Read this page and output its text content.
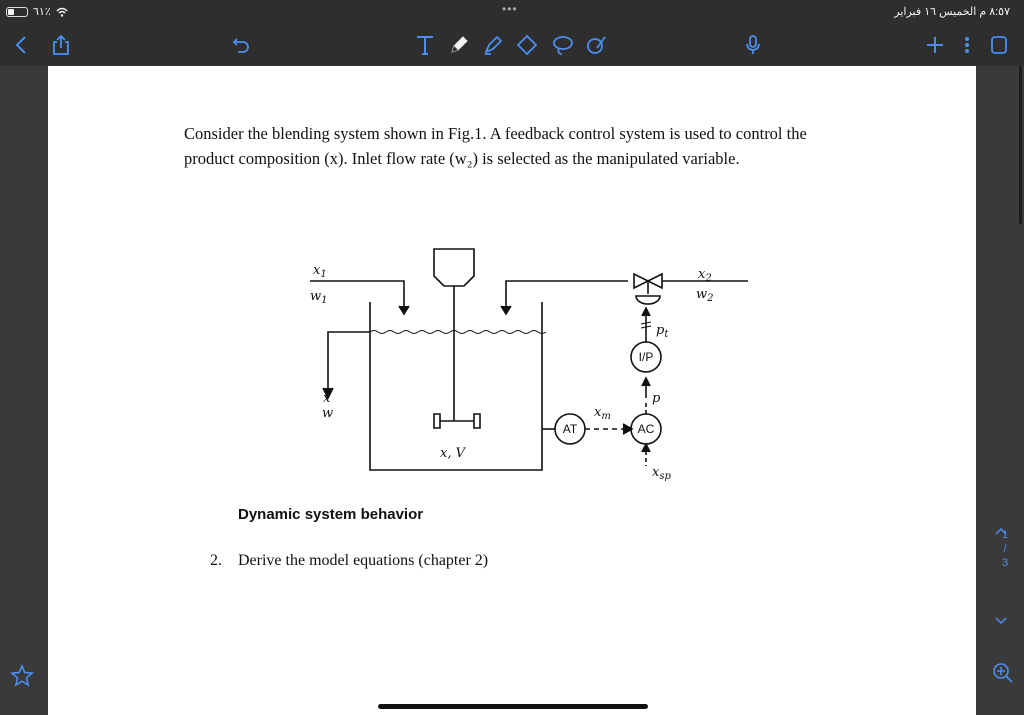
٦١٪	•••	٨:٥٧ م الخميس ١٦ فبراير
1
/
3
Consider the blending system shown in Fig.1. A feedback control system is used to control the product composition (x). Inlet flow rate (w₂) is selected as the manipulated variable.
$x_1$
$w_1$
$x_2$
$w_2$
x
w
x, V
$p_t$
p
$x_m$
$x_{sp}$
I/P
AT	AC
Dynamic system behavior
2. Derive the model equations (chapter 2)
